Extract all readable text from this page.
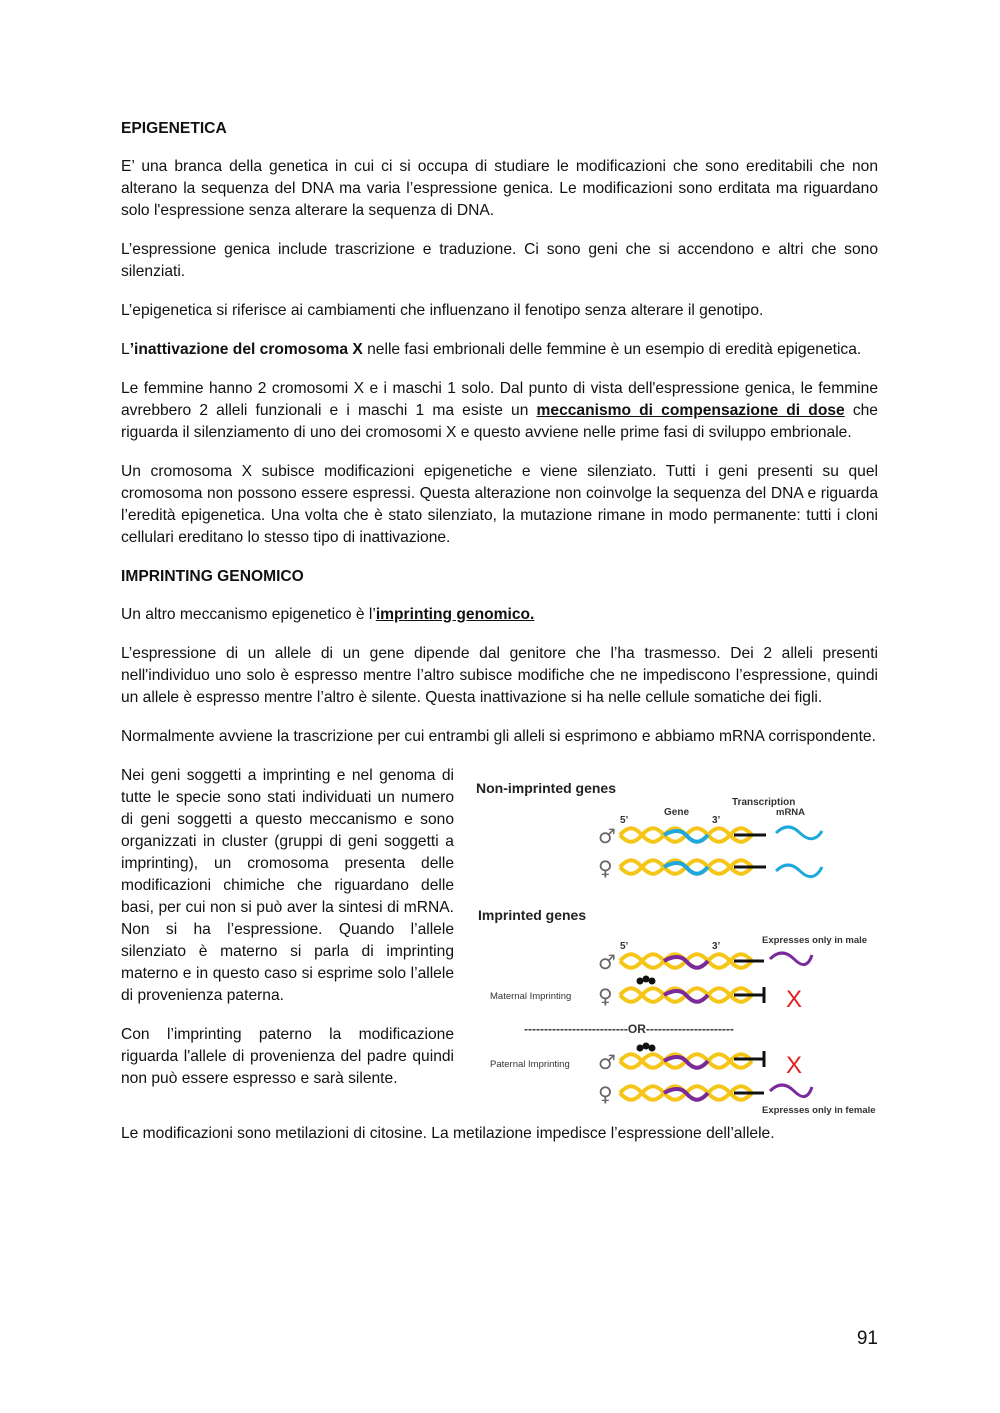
EPIGENETICA

E’ una branca della genetica in cui ci si occupa di studiare le modificazioni che sono ereditabili che non alterano la sequenza del DNA ma varia l’espressione genica. Le modificazioni sono erditata ma riguardano solo l'espressione senza alterare la sequenza di DNA.

L’espressione genica include trascrizione e traduzione. Ci sono geni che si accendono e altri che sono silenziati.

L’epigenetica si riferisce ai cambiamenti che influenzano il fenotipo senza alterare il genotipo.

L’inattivazione del cromosoma X nelle fasi embrionali delle femmine è un esempio di eredità epigenetica.

Le femmine hanno 2 cromosomi X e i maschi 1 solo. Dal punto di vista dell'espressione genica, le femmine avrebbero 2 alleli funzionali e i maschi 1 ma esiste un meccanismo di compensazione di dose che riguarda il silenziamento di uno dei cromosomi X e questo avviene nelle prime fasi di sviluppo embrionale.

Un cromosoma X subisce modificazioni epigenetiche e viene silenziato. Tutti i geni presenti su quel cromosoma non possono essere espressi. Questa alterazione non coinvolge la sequenza del DNA e riguarda l’eredità epigenetica. Una volta che è stato silenziato, la mutazione rimane in modo permanente: tutti i cloni cellulari ereditano lo stesso tipo di inattivazione.

IMPRINTING GENOMICO

Un altro meccanismo epigenetico è l’imprinting genomico.

L’espressione di un allele di un gene dipende dal genitore che l’ha trasmesso. Dei 2 alleli presenti nell'individuo uno solo è espresso mentre l’altro subisce modifiche che ne impediscono l’espressione, quindi un allele è espresso mentre l’altro è silente. Questa inattivazione si ha nelle cellule somatiche dei figli.

Normalmente avviene la trascrizione per cui entrambi gli alleli si esprimono e abbiamo mRNA corrispondente.

Nei geni soggetti a imprinting e nel genoma di tutte le specie sono stati individuati un numero di geni soggetti a questo meccanismo e sono organizzati in cluster (gruppi di geni soggetti a imprinting), un cromosoma presenta delle modificazioni chimiche che riguardano delle basi, per cui non si può aver la sintesi di mRNA. Non si ha l’espressione. Quando l’allele silenziato è materno si parla di imprinting materno e in questo caso si esprime solo l’allele di provenienza paterna.

Con l’imprinting paterno la modificazione riguarda l'allele di provenienza del padre quindi non può essere espresso e sarà silente.

Non-imprinted genes
Gene
Transcription
mRNA
5’	3’
♂
♀
Imprinted genes
5’	3’
Expresses only in male
♂
Maternal Imprinting ♀	X
--------------------------OR----------------------
Paternal Imprinting ♂	X
♀
Expresses only in female

Le modificazioni sono metilazioni di citosine. La metilazione impedisce l’espressione dell’allele.

91
